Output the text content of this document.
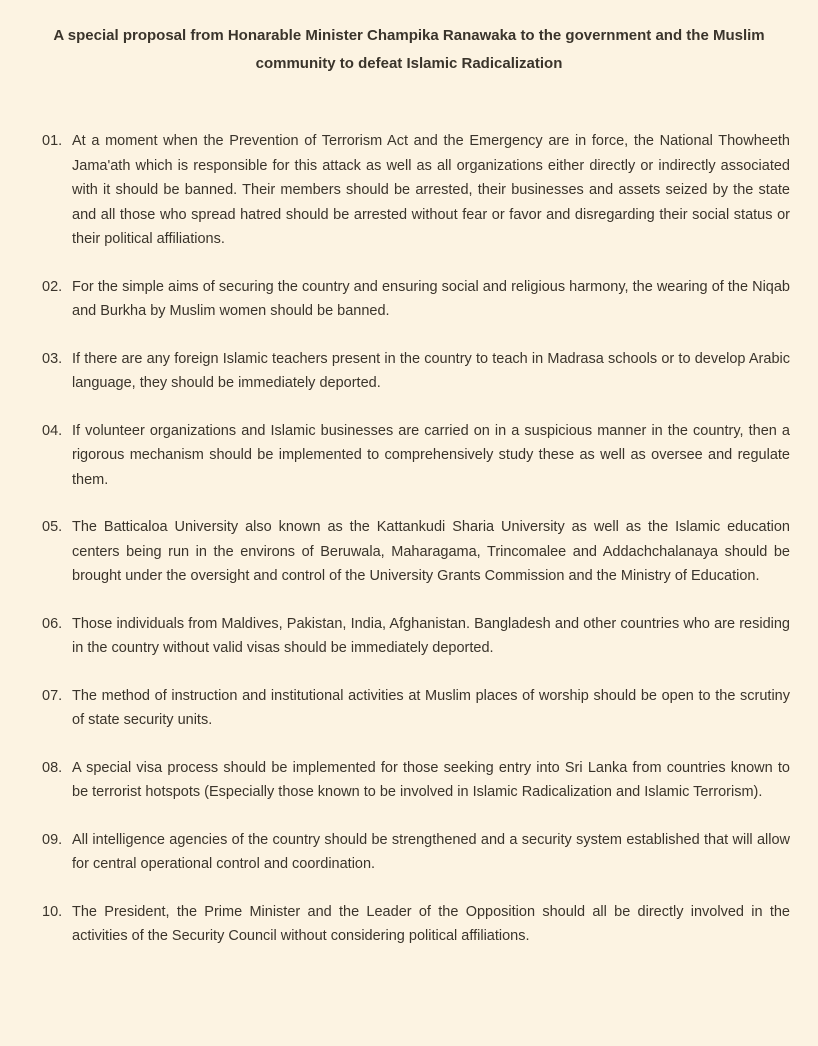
A special proposal from Honarable Minister Champika Ranawaka to the government and the Muslim community to defeat Islamic Radicalization
01. At a moment when the Prevention of Terrorism Act and the Emergency are in force, the National Thowheeth Jama'ath which is responsible for this attack as well as all organizations either directly or indirectly associated with it should be banned. Their members should be arrested, their businesses and assets seized by the state and all those who spread hatred should be arrested without fear or favor and disregarding their social status or their political affiliations.
02. For the simple aims of securing the country and ensuring social and religious harmony, the wearing of the Niqab and Burkha by Muslim women should be banned.
03. If there are any foreign Islamic teachers present in the country to teach in Madrasa schools or to develop Arabic language, they should be immediately deported.
04. If volunteer organizations and Islamic businesses are carried on in a suspicious manner in the country, then a rigorous mechanism should be implemented to comprehensively study these as well as oversee and regulate them.
05. The Batticaloa University also known as the Kattankudi Sharia University as well as the Islamic education centers being run in the environs of Beruwala, Maharagama, Trincomalee and Addachchalanaya should be brought under the oversight and control of the University Grants Commission and the Ministry of Education.
06. Those individuals from Maldives, Pakistan, India, Afghanistan. Bangladesh and other countries who are residing in the country without valid visas should be immediately deported.
07. The method of instruction and institutional activities at Muslim places of worship should be open to the scrutiny of state security units.
08. A special visa process should be implemented for those seeking entry into Sri Lanka from countries known to be terrorist hotspots (Especially those known to be involved in Islamic Radicalization and Islamic Terrorism).
09. All intelligence agencies of the country should be strengthened and a security system established that will allow for central operational control and coordination.
10. The President, the Prime Minister and the Leader of the Opposition should all be directly involved in the activities of the Security Council without considering political affiliations.
